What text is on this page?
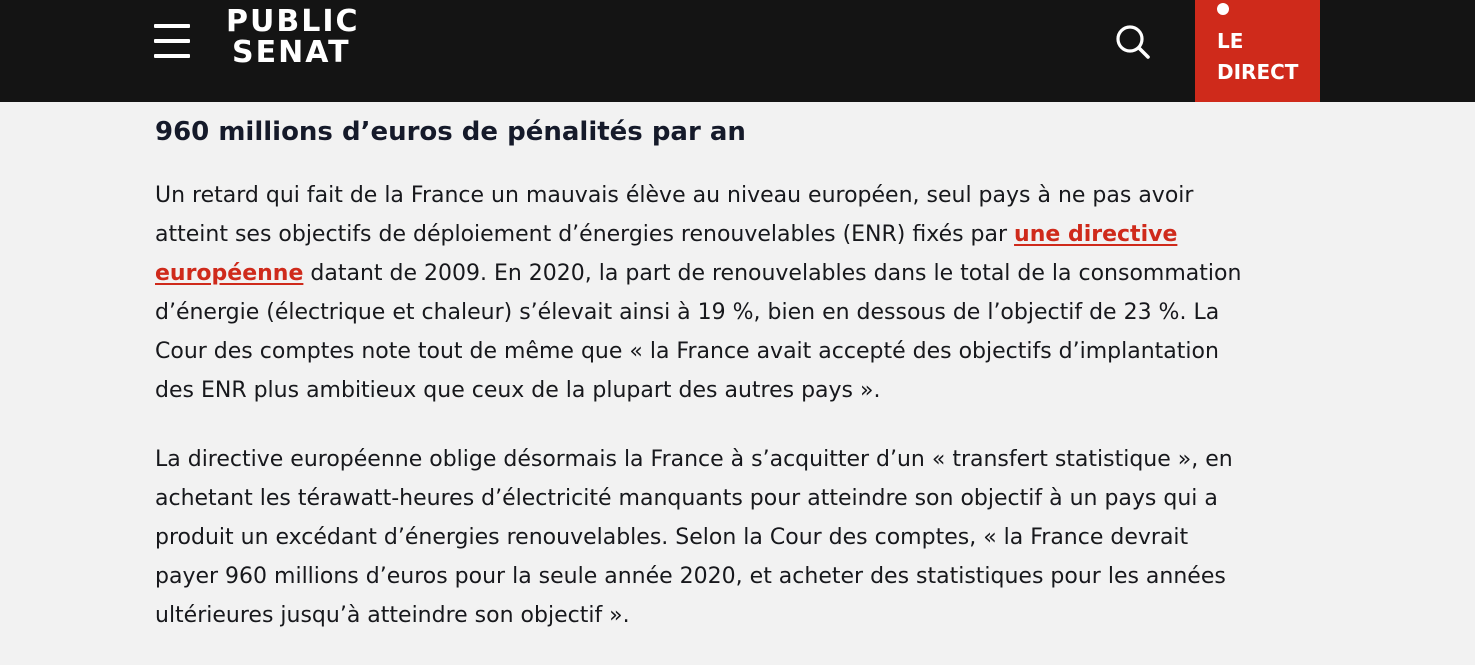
PUBLIC
SENAT	LE
DIRECT
960 millions d’euros de pénalités par an

Un retard qui fait de la France un mauvais élève au niveau européen, seul pays à ne pas avoir
atteint ses objectifs de déploiement d’énergies renouvelables (ENR) fixés par une directive
européenne datant de 2009. En 2020, la part de renouvelables dans le total de la consommation
d’énergie (électrique et chaleur) s’élevait ainsi à 19 %, bien en dessous de l’objectif de 23 %. La
Cour des comptes note tout de même que « la France avait accepté des objectifs d’implantation
des ENR plus ambitieux que ceux de la plupart des autres pays ».

La directive européenne oblige désormais la France à s’acquitter d’un « transfert statistique », en
achetant les térawatt-heures d’électricité manquants pour atteindre son objectif à un pays qui a
produit un excédant d’énergies renouvelables. Selon la Cour des comptes, « la France devrait
payer 960 millions d’euros pour la seule année 2020, et acheter des statistiques pour les années
ultérieures jusqu’à atteindre son objectif ».
